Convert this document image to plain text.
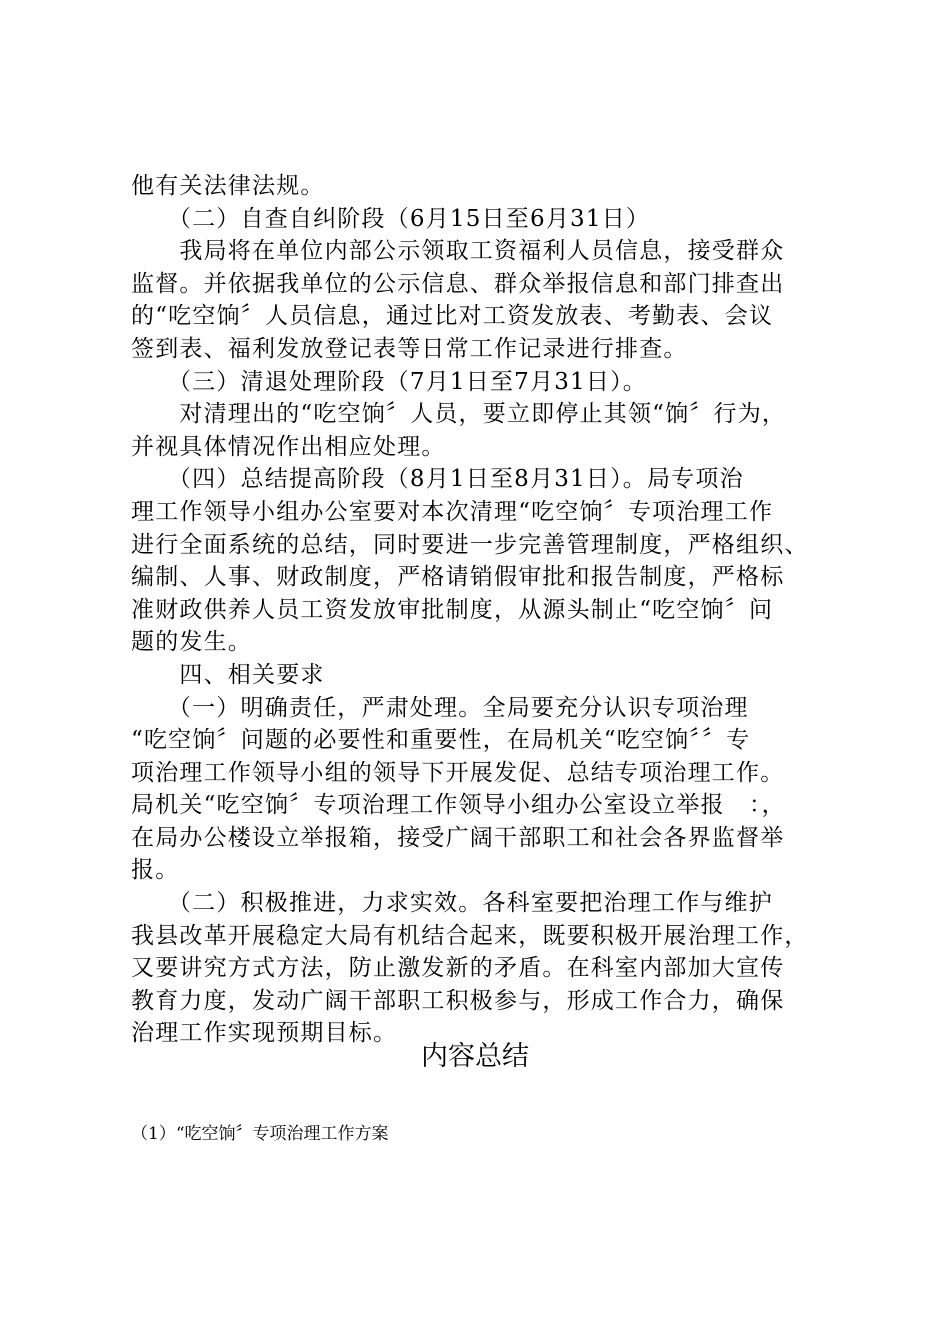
他有关法律法规。
　　（二）自查自纠阶段（6月15日至6月31日）
　　我局将在单位内部公示领取工资福利人员信息，接受群众
监督。并依据我单位的公示信息、群众举报信息和部门排查出
的“吃空饷〞人员信息，通过比对工资发放表、考勤表、会议
签到表、福利发放登记表等日常工作记录进行排查。
　　（三）清退处理阶段（7月1日至7月31日）。
　　对清理出的“吃空饷〞人员，要立即停止其领“饷〞行为，
并视具体情况作出相应处理。
　　（四）总结提高阶段（8月1日至8月31日）。局专项治
理工作领导小组办公室要对本次清理“吃空饷〞专项治理工作
进行全面系统的总结，同时要进一步完善管理制度，严格组织、
编制、人事、财政制度，严格请销假审批和报告制度，严格标
准财政供养人员工资发放审批制度，从源头制止“吃空饷〞问
题的发生。
　　四、相关要求
　　（一）明确责任，严肃处理。全局要充分认识专项治理
“吃空饷〞问题的必要性和重要性，在局机关“吃空饷〞〞专
项治理工作领导小组的领导下开展发促、总结专项治理工作。
局机关“吃空饷〞专项治理工作领导小组办公室设立举报　：，
在局办公楼设立举报箱，接受广阔干部职工和社会各界监督举
报。
　　（二）积极推进，力求实效。各科室要把治理工作与维护
我县改革开展稳定大局有机结合起来，既要积极开展治理工作，
又要讲究方式方法，防止激发新的矛盾。在科室内部加大宣传
教育力度，发动广阔干部职工积极参与，形成工作合力，确保
治理工作实现预期目标。
内容总结
（1）“吃空饷〞专项治理工作方案
